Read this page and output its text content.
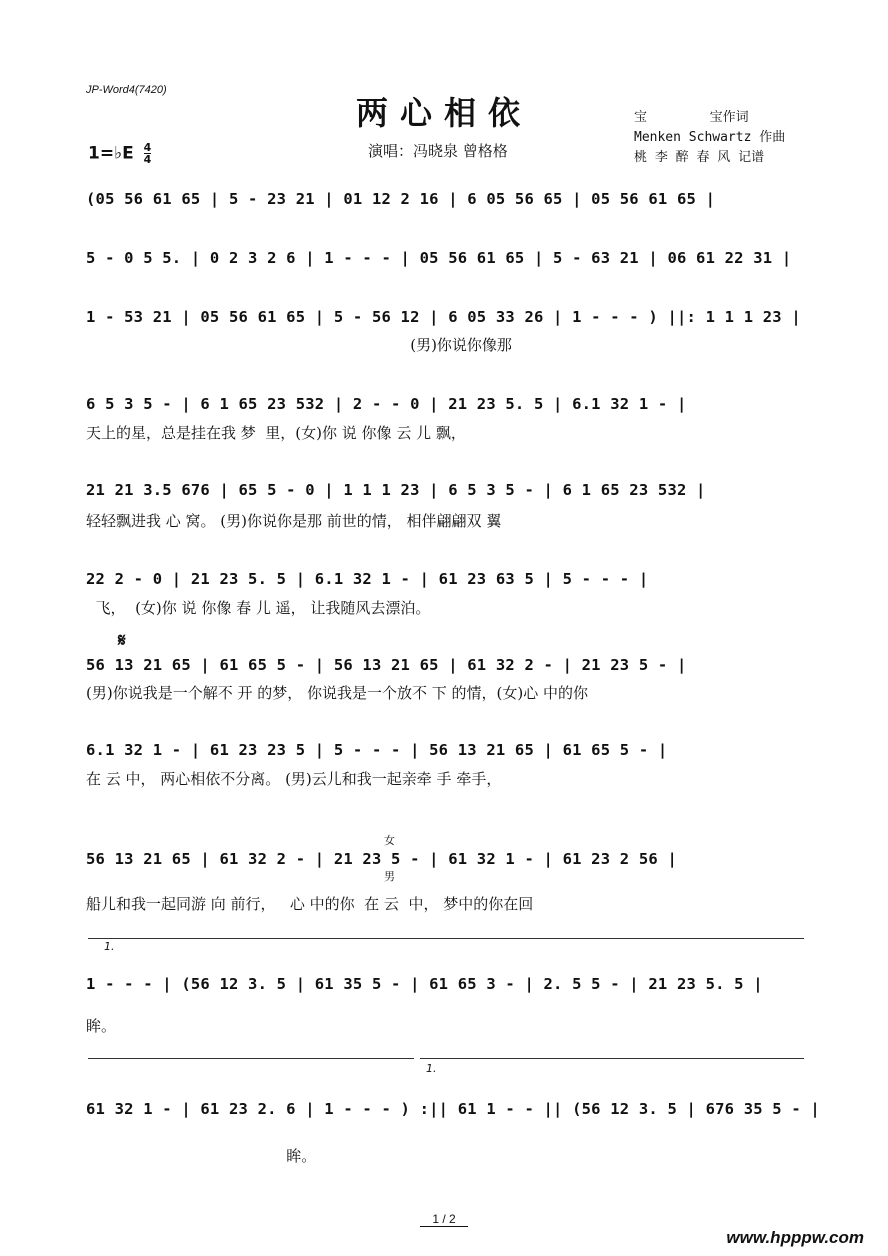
JP-Word4(7420)
两心相依
1=♭E $\frac{4}{4}$	演唱：冯晓泉 曾格格
宝        宝作词
Menken Schwartz 作曲
桃 李 醉 春 风 记谱
(05 56 61 65 | 5 - 23 21 | 01 12 2 16 | 6 05 56 65 | 05 56 61 65 |
5 - 0 5 5. | 0 2 3 2 6 | 1 - - - | 05 56 61 65 | 5 - 63 21 | 06 61 22 31 |
1 - 53 21 | 05 56 61 65 | 5 - 56 12 | 6 05 33 26 | 1 - - - ) ||: 1 1 1 23 |
(男)你说你像那
6 5 3 5 - | 6 1 65 23 532 | 2 - - 0 | 21 23 5. 5 | 6.1 32 1 - |
天上的星，总是挂在我 梦  里，(女)你 说 你像 云 儿 飘，
21 21 3.5 676 | 65 5 - 0 | 1 1 1 23 | 6 5 3 5 - | 6 1 65 23 532 |
轻轻飘进我 心 窝。 (男)你说你是那 前世的情， 相伴翩翩双 翼
22 2 - 0 | 21 23 5. 5 | 6.1 32 1 - | 61 23 63 5 | 5 - - - |
飞，  (女)你 说 你像 春 儿 遥， 让我随风去漂泊。
𝄋
56 13 21 65 | 61 65 5 - | 56 13 21 65 | 61 32 2 - | 21 23 5 - |
(男)你说我是一个解不 开 的梦， 你说我是一个放不 下 的情，(女)心 中的你
6.1 32 1 - | 61 23 23 5 | 5 - - - | 56 13 21 65 | 61 65 5 - |
在 云 中， 两心相依不分离。 (男)云儿和我一起亲牵 手 牵手，
女
男
56 13 21 65 | 61 32 2 - | 21 23 5 - | 61 32 1 - | 61 23 2 56 |
船儿和我一起同游 向 前行，   心 中的你  在 云  中， 梦中的你在回
1.
1 - - - | (56 12 3. 5 | 61 35 5 - | 61 65 3 - | 2. 5 5 - | 21 23 5. 5 |
眸。
1.
61 32 1 - | 61 23 2. 6 | 1 - - - ) :|| 61 1 - - || (56 12 3. 5 | 676 35 5 - |
眸。
1 / 2
www.hpppw.com
